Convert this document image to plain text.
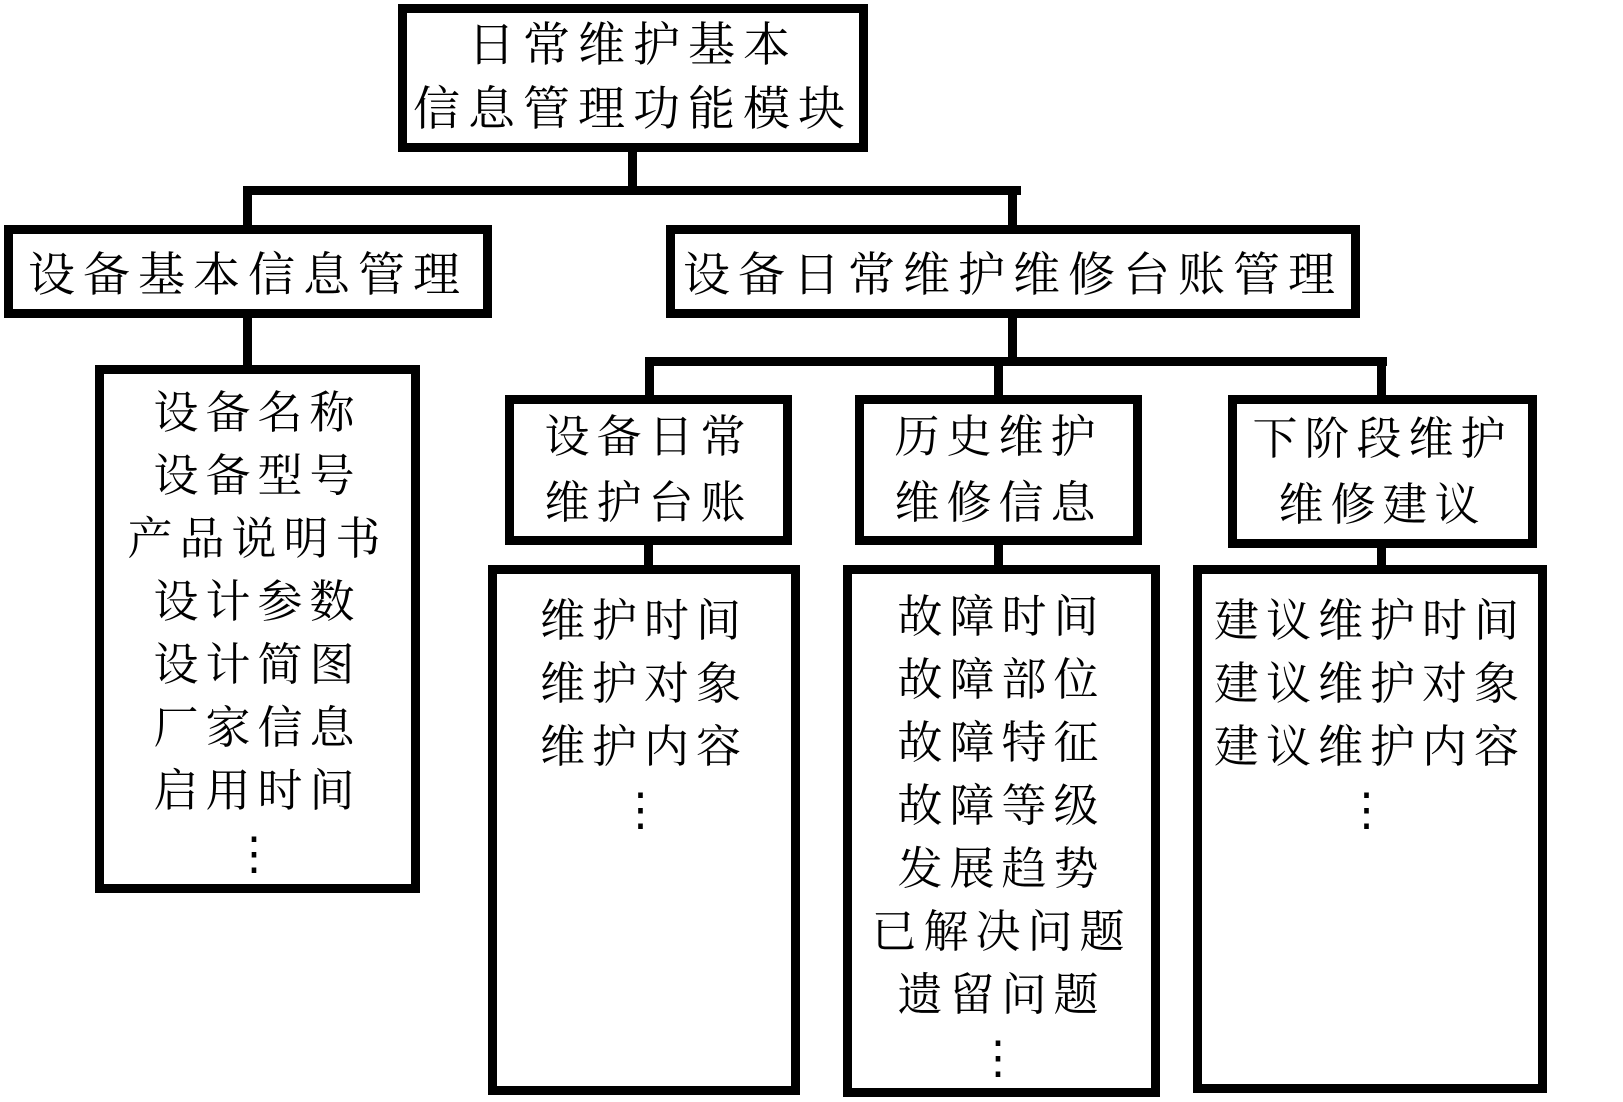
日常维护基本
信息管理功能模块
设备基本信息管理	设备日常维护维修台账管理
设备名称
设备型号
产品说明书
设计参数
设计简图
厂家信息
启用时间
⋮
设备日常
维护台账
历史维护
维修信息
下阶段维护
维修建议
维护时间
维护对象
维护内容
⋮
故障时间
故障部位
故障特征
故障等级
发展趋势
已解决问题
遗留问题
⋮
建议维护时间
建议维护对象
建议维护内容
⋮
